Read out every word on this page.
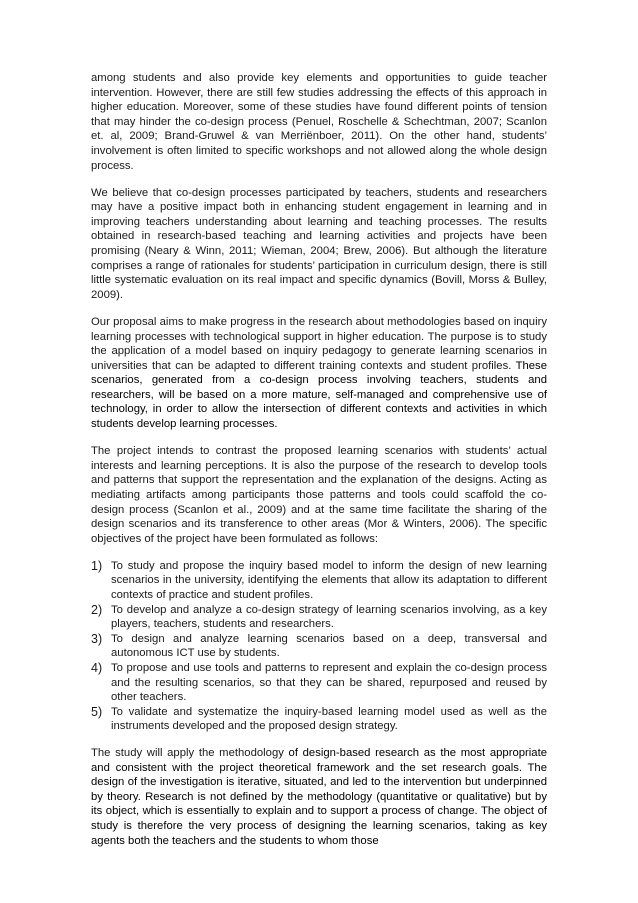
among students and also provide key elements and opportunities to guide teacher intervention. However, there are still few studies addressing the effects of this approach in higher education. Moreover, some of these studies have found different points of tension that may hinder the co-design process (Penuel, Roschelle & Schechtman, 2007; Scanlon et. al, 2009; Brand-Gruwel & van Merriënboer, 2011). On the other hand, students’ involvement is often limited to specific workshops and not allowed along the whole design process.

We believe that co-design processes participated by teachers, students and researchers may have a positive impact both in enhancing student engagement in learning and in improving teachers understanding about learning and teaching processes. The results obtained in research-based teaching and learning activities and projects have been promising (Neary & Winn, 2011; Wieman, 2004; Brew, 2006). But although the literature comprises a range of rationales for students’ participation in curriculum design, there is still little systematic evaluation on its real impact and specific dynamics (Bovill, Morss & Bulley, 2009).

Our proposal aims to make progress in the research about methodologies based on inquiry learning processes with technological support in higher education. The purpose is to study the application of a model based on inquiry pedagogy to generate learning scenarios in universities that can be adapted to different training contexts and student profiles. These scenarios, generated from a co-design process involving teachers, students and researchers, will be based on a more mature, self-managed and comprehensive use of technology, in order to allow the intersection of different contexts and activities in which students develop learning processes.

The project intends to contrast the proposed learning scenarios with students’ actual interests and learning perceptions. It is also the purpose of the research to develop tools and patterns that support the representation and the explanation of the designs. Acting as mediating artifacts among participants those patterns and tools could scaffold the co-design process (Scanlon et al., 2009) and at the same time facilitate the sharing of the design scenarios and its transference to other areas (Mor & Winters, 2006). The specific objectives of the project have been formulated as follows:

1) To study and propose the inquiry based model to inform the design of new learning scenarios in the university, identifying the elements that allow its adaptation to different contexts of practice and student profiles.
2) To develop and analyze a co-design strategy of learning scenarios involving, as a key players, teachers, students and researchers.
3) To design and analyze learning scenarios based on a deep, transversal and autonomous ICT use by students.
4) To propose and use tools and patterns to represent and explain the co-design process and the resulting scenarios, so that they can be shared, repurposed and reused by other teachers.
5) To validate and systematize the inquiry-based learning model used as well as the instruments developed and the proposed design strategy.

The study will apply the methodology of design-based research as the most appropriate and consistent with the project theoretical framework and the set research goals. The design of the investigation is iterative, situated, and led to the intervention but underpinned by theory. Research is not defined by the methodology (quantitative or qualitative) but by its object, which is essentially to explain and to support a process of change. The object of study is therefore the very process of designing the learning scenarios, taking as key agents both the teachers and the students to whom those
